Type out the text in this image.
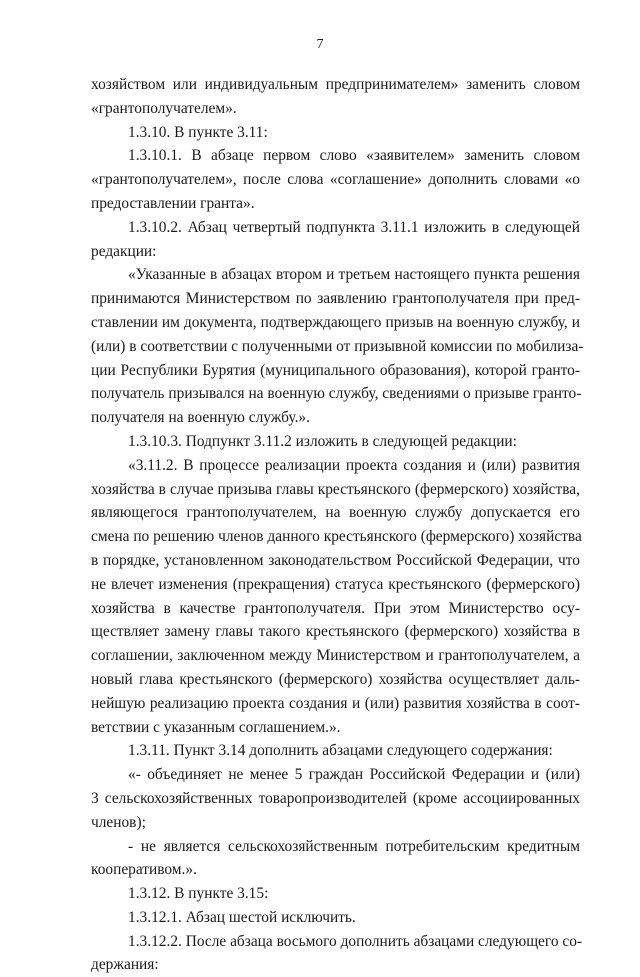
7
хозяйством или индивидуальным предпринимателем» заменить словом
«грантополучателем».
1.3.10. В пункте 3.11:
1.3.10.1. В абзаце первом слово «заявителем» заменить словом
«грантополучателем», после слова «соглашение» дополнить словами «о
предоставлении гранта».
1.3.10.2. Абзац четвертый подпункта 3.11.1 изложить в следующей
редакции:
«Указанные в абзацах втором и третьем настоящего пункта решения
принимаются Министерством по заявлению грантополучателя при пред-
ставлении им документа, подтверждающего призыв на военную службу, и
(или) в соответствии с полученными от призывной комиссии по мобилиза-
ции Республики Бурятия (муниципального образования), которой гранто-
получатель призывался на военную службу, сведениями о призыве гранто-
получателя на военную службу.».
1.3.10.3. Подпункт 3.11.2 изложить в следующей редакции:
«3.11.2. В процессе реализации проекта создания и (или) развития
хозяйства в случае призыва главы крестьянского (фермерского) хозяйства,
являющегося грантополучателем, на военную службу допускается его
смена по решению членов данного крестьянского (фермерского) хозяйства
в порядке, установленном законодательством Российской Федерации, что
не влечет изменения (прекращения) статуса крестьянского (фермерского)
хозяйства в качестве грантополучателя. При этом Министерство осу-
ществляет замену главы такого крестьянского (фермерского) хозяйства в
соглашении, заключенном между Министерством и грантополучателем, а
новый глава крестьянского (фермерского) хозяйства осуществляет даль-
нейшую реализацию проекта создания и (или) развития хозяйства в соот-
ветствии с указанным соглашением.».
1.3.11. Пункт 3.14 дополнить абзацами следующего содержания:
«- объединяет не менее 5 граждан Российской Федерации и (или)
3 сельскохозяйственных товаропроизводителей (кроме ассоциированных
членов);
- не является сельскохозяйственным потребительским кредитным
кооперативом.».
1.3.12. В пункте 3.15:
1.3.12.1. Абзац шестой исключить.
1.3.12.2. После абзаца восьмого дополнить абзацами следующего со-
держания:
